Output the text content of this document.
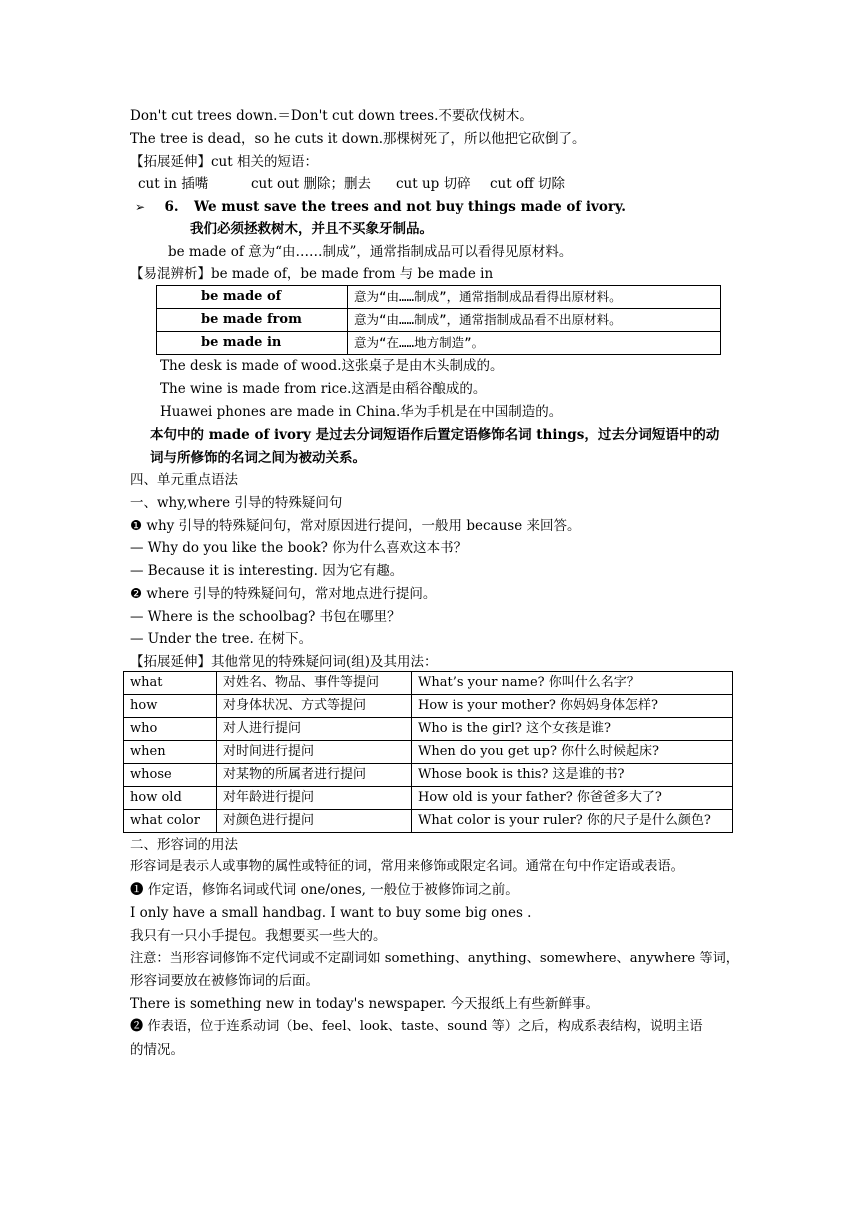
Don't cut trees down.＝Don't cut down trees.不要砍伐树木。
The tree is dead，so he cuts it down.那棵树死了，所以他把它砍倒了。
【拓展延伸】cut 相关的短语：
cut in 插嘴	cut out 删除；删去 cut up 切碎 cut off 切除
➢ 6. We must save the trees and not buy things made of ivory.
我们必须拯救树木，并且不买象牙制品。
be made of 意为“由……制成”，通常指制成品可以看得见原材料。
【易混辨析】be made of，be made from 与 be made in
be made of	意为“由……制成”，通常指制成品看得出原材料。
be made from	意为“由……制成”，通常指制成品看不出原材料。
be made in	意为“在……地方制造”。
The desk is made of wood.这张桌子是由木头制成的。
The wine is made from rice.这酒是由稻谷酿成的。
Huawei phones are made in China.华为手机是在中国制造的。
本句中的 made of ivory 是过去分词短语作后置定语修饰名词 things，过去分词短语中的动
词与所修饰的名词之间为被动关系。
四、单元重点语法
一、why,where 引导的特殊疑问句
❶ why 引导的特殊疑问句，常对原因进行提问，一般用 because 来回答。
— Why do you like the book? 你为什么喜欢这本书？
— Because it is interesting. 因为它有趣。
❷ where 引导的特殊疑问句，常对地点进行提问。
— Where is the schoolbag? 书包在哪里？
— Under the tree. 在树下。
【拓展延伸】其他常见的特殊疑问词(组)及其用法：
what	对姓名、物品、事件等提问	What’s your name? 你叫什么名字？
how	对身体状况、方式等提问	How is your mother? 你妈妈身体怎样?
who	对人进行提问	Who is the girl? 这个女孩是谁?
when	对时间进行提问	When do you get up? 你什么时候起床?
whose	对某物的所属者进行提问	Whose book is this? 这是谁的书?
how old	对年龄进行提问	How old is your father? 你爸爸多大了?
what color	对颜色进行提问	What color is your ruler? 你的尺子是什么颜色?
二、形容词的用法
形容词是表示人或事物的属性或特征的词，常用来修饰或限定名词。通常在句中作定语或表语。
❶ 作定语，修饰名词或代词 one/ones, 一般位于被修饰词之前。
I only have a small handbag. I want to buy some big ones .
我只有一只小手提包。我想要买一些大的。
注意：当形容词修饰不定代词或不定副词如 something、anything、somewhere、anywhere 等词，
形容词要放在被修饰词的后面。
There is something new in today's newspaper. 今天报纸上有些新鲜事。
❷ 作表语，位于连系动词（be、feel、look、taste、sound 等）之后，构成系表结构，说明主语
的情况。
